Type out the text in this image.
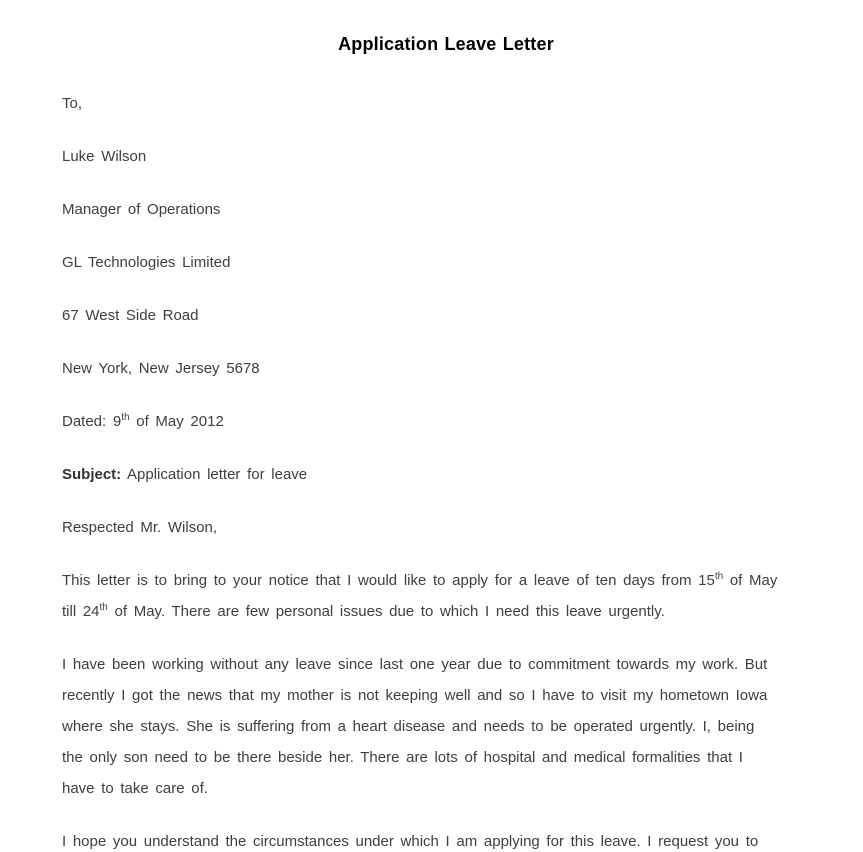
Application Leave Letter

To,

Luke Wilson

Manager of Operations

GL Technologies Limited

67 West Side Road

New York, New Jersey 5678

Dated: 9th of May 2012

Subject: Application letter for leave

Respected Mr. Wilson,

This letter is to bring to your notice that I would like to apply for a leave of ten days from 15th of May
till 24th of May. There are few personal issues due to which I need this leave urgently.

I have been working without any leave since last one year due to commitment towards my work. But
recently I got the news that my mother is not keeping well and so I have to visit my hometown Iowa
where she stays. She is suffering from a heart disease and needs to be operated urgently. I, being
the only son need to be there beside her. There are lots of hospital and medical formalities that I
have to take care of.

I hope you understand the circumstances under which I am applying for this leave. I request you to
